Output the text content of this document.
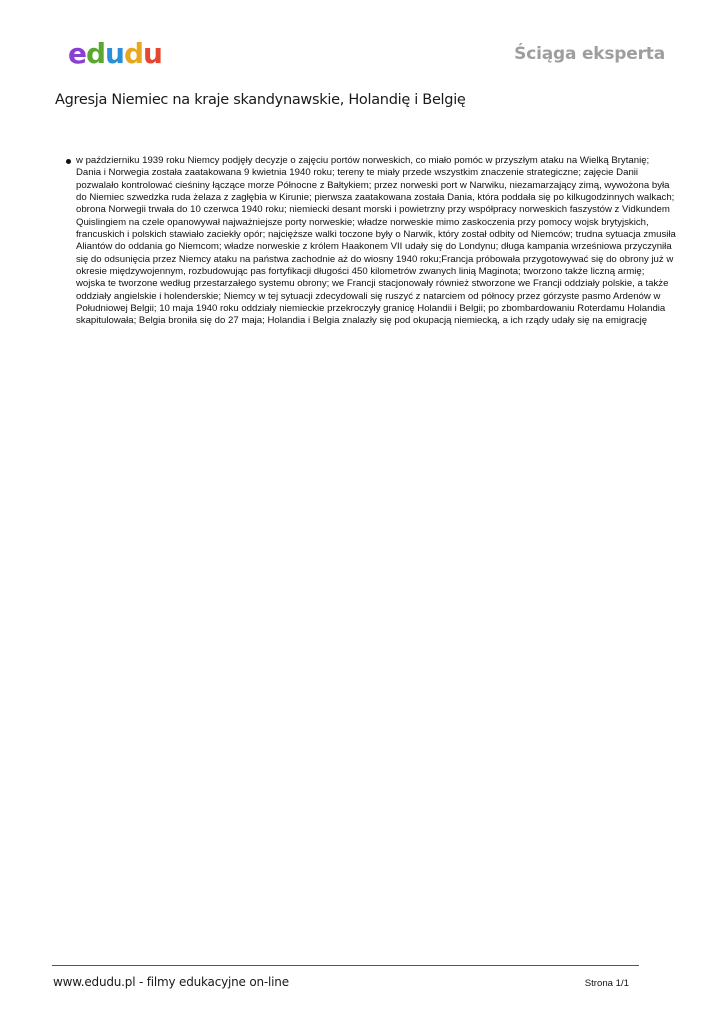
edudu	Ściąga eksperta
Agresja Niemiec na kraje skandynawskie, Holandię i Belgię
w październiku 1939 roku Niemcy podjęły decyzje o zajęciu portów norweskich, co miało pomóc w przyszłym ataku na Wielką Brytanię; Dania i Norwegia została zaatakowana 9 kwietnia 1940 roku; tereny te miały przede wszystkim znaczenie strategiczne; zajęcie Danii pozwalało kontrolować cieśniny łączące morze Północne z Bałtykiem; przez norweski port w Narwiku, niezamarzający zimą, wywożona była do Niemiec szwedzka ruda żelaza z zagłębia w Kirunie; pierwsza zaatakowana została Dania, która poddała się po kilkugodzinnych walkach; obrona Norwegii trwała do 10 czerwca 1940 roku; niemiecki desant morski i powietrzny przy współpracy norweskich faszystów z Vidkundem Quislingiem na czele opanowywał najważniejsze porty norweskie; władze norweskie mimo zaskoczenia przy pomocy wojsk brytyjskich, francuskich i polskich stawiało zaciekły opór; najcięższe walki toczone były o Narwik, który został odbity od Niemców; trudna sytuacja zmusiła Aliantów do oddania go Niemcom; władze norweskie z królem Haakonem VII udały się do Londynu; długa kampania wrześniowa przyczyniła się do odsunięcia przez Niemcy ataku na państwa zachodnie aż do wiosny 1940 roku;Francja próbowała przygotowywać się do obrony już w okresie międzywojennym, rozbudowując pas fortyfikacji długości 450 kilometrów zwanych linią Maginota; tworzono także liczną armię; wojska te tworzone według przestarzałego systemu obrony; we Francji stacjonowały również stworzone we Francji oddziały polskie, a także oddziały angielskie i holenderskie; Niemcy w tej sytuacji zdecydowali się ruszyć z natarciem od północy przez górzyste pasmo Ardenów w Południowej Belgii; 10 maja 1940 roku oddziały niemieckie przekroczyły granicę Holandii i Belgii; po zbombardowaniu Roterdamu Holandia skapitulowała; Belgia broniła się do 27 maja; Holandia i Belgia znalazły się pod okupacją niemiecką, a ich rządy udały się na emigrację
www.edudu.pl - filmy edukacyjne on-line	Strona 1/1
